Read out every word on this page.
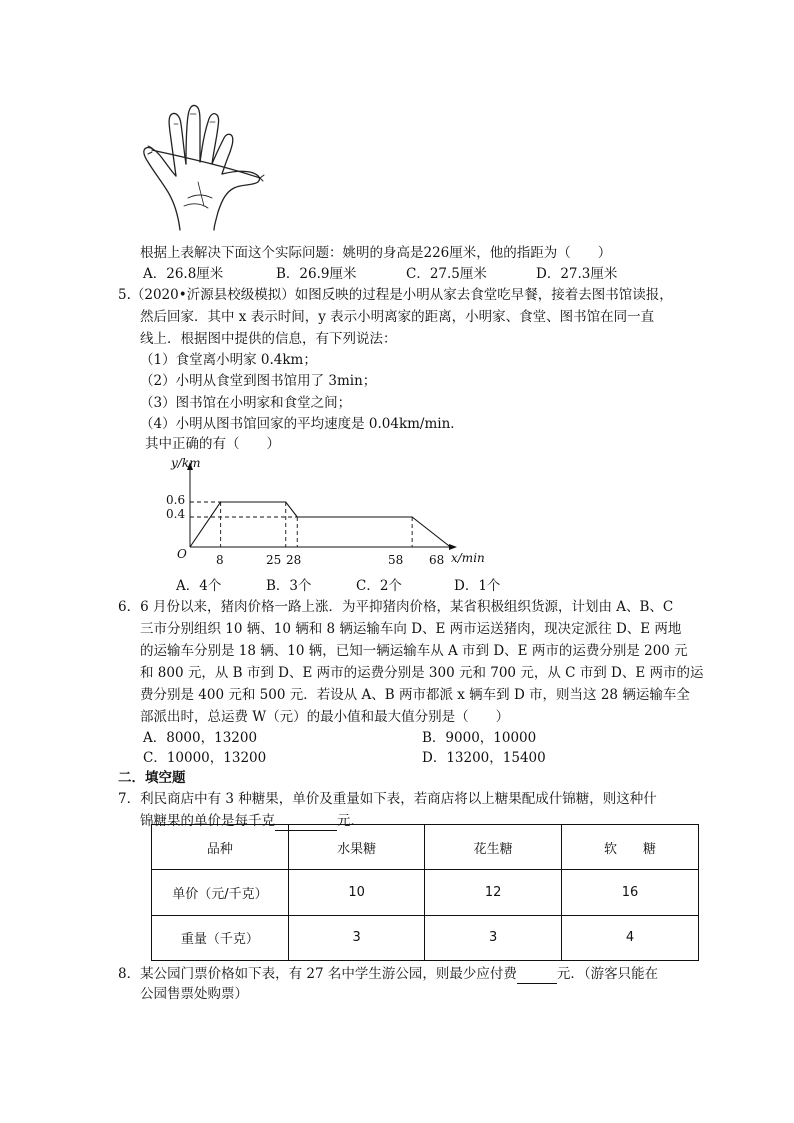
根据上表解决下面这个实际问题：姚明的身高是226厘米，他的指距为（　　）
A．26.8厘米	B．26.9厘米	C．27.5厘米	D．27.3厘米
5.（2020•沂源县校级模拟）如图反映的过程是小明从家去食堂吃早餐，接着去图书馆读报，
然后回家．其中 x 表示时间，y 表示小明离家的距离，小明家、食堂、图书馆在同一直
线上．根据图中提供的信息，有下列说法：
（1）食堂离小明家 0.4km；
（2）小明从食堂到图书馆用了 3min；
（3）图书馆在小明家和食堂之间；
（4）小明从图书馆回家的平均速度是 0.04km/min．
其中正确的有（　　）
y/km
x/min
O
0.6
0.4
8	25 28	58 68
A．4个	B．3个	C．2个	D．1个
6．6 月份以来，猪肉价格一路上涨．为平抑猪肉价格，某省积极组织货源，计划由 A、B、C
三市分别组织 10 辆、10 辆和 8 辆运输车向 D、E 两市运送猪肉，现决定派往 D、E 两地
的运输车分别是 18 辆、10 辆，已知一辆运输车从 A 市到 D、E 两市的运费分别是 200 元
和 800 元，从 B 市到 D、E 两市的运费分别是 300 元和 700 元，从 C 市到 D、E 两市的运
费分别是 400 元和 500 元．若设从 A、B 两市都派 x 辆车到 D 市，则当这 28 辆运输车全
部派出时，总运费 W（元）的最小值和最大值分别是（　　）
A．8000，13200	B．9000，10000
C．10000，13200	D．13200，15400
二．填空题
7．利民商店中有 3 种糖果，单价及重量如下表，若商店将以上糖果配成什锦糖，则这种什
锦糖果的单价是每千克	元．
品种	水果糖	花生糖	软　　糖
单价（元/千克）	10	12	16
重量（千克）	3	3	4
8．某公园门票价格如下表，有 27 名中学生游公园，则最少应付费	元．（游客只能在
公园售票处购票）
